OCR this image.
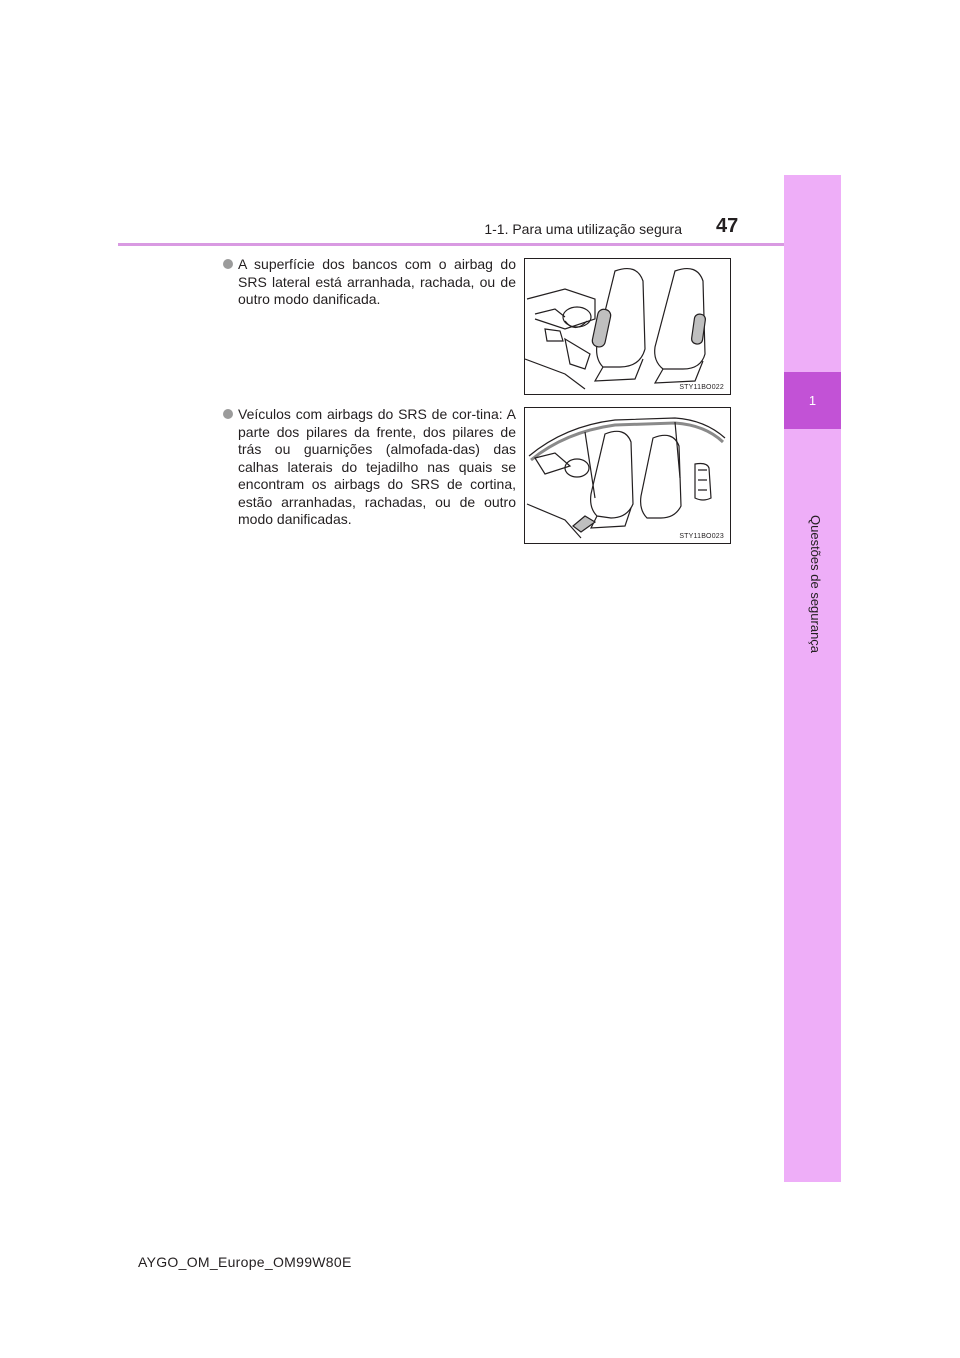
1-1. Para uma utilização segura 47
1
Questões de segurança
A superfície dos bancos com o airbag do SRS lateral está arranhada, rachada, ou de outro modo danificada.
STY11BO022
Veículos com airbags do SRS de cor-tina: A parte dos pilares da frente, dos pilares de trás ou guarnições (almofada-das) das calhas laterais do tejadilho nas quais se encontram os airbags do SRS de cortina, estão arranhadas, rachadas, ou de outro modo danificadas.
STY11BO023
AYGO_OM_Europe_OM99W80E
